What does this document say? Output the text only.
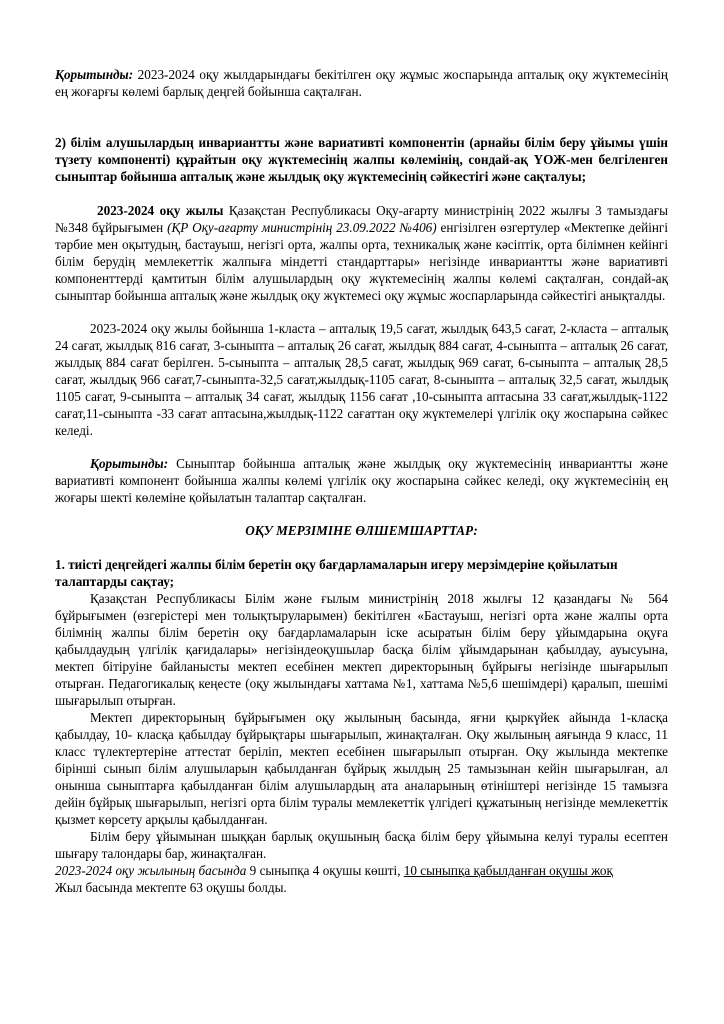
Қорытынды: 2023-2024 оқу жылдарындағы бекітілген оқу жұмыс жоспарында апталық оқу жүктемесінің ең жоғарғы көлемі барлық деңгей бойынша сақталған.

2) білім алушылардың инвариантты және вариативті компонентін (арнайы білім беру ұйымы үшін түзету компоненті) құрайтын оқу жүктемесінің жалпы көлемінің, сондай-ақ ҮОЖ-мен белгіленген сыныптар бойынша апталық және жылдық оқу жүктемесінің сәйкестігі және сақталуы;

2023-2024 оқу жылы Қазақстан Республикасы Оқу-ағарту министрінің 2022 жылғы 3 тамыздағы №348 бұйрығымен (ҚР Оқу-ағарту министрінің 23.09.2022 №406) енгізілген өзгертулер «Мектепке дейінгі тәрбие мен оқытудың, бастауыш, негізгі орта, жалпы орта, техникалық және кәсіптік, орта білімнен кейінгі білім берудің мемлекеттік жалпыға міндетті стандарттары» негізінде инвариантты және вариативті компоненттерді қамтитын білім алушылардың оқу жүктемесінің жалпы көлемі сақталған, сондай-ақ сыныптар бойынша апталық және жылдық оқу жүктемесі оқу жұмыс жоспарларында сәйкестігі анықталды.

2023-2024 оқу жылы бойынша 1-класта – апталық 19,5 сағат, жылдық 643,5 сағат, 2-класта – апталық 24 сағат, жылдық 816 сағат, 3-сыныпта – апталық 26 сағат, жылдық 884 сағат, 4-сыныпта – апталық 26 сағат, жылдық 884 сағат берілген. 5-сыныпта – апталық 28,5 сағат, жылдық 969 сағат, 6-сыныпта – апталық 28,5 сағат, жылдық 966 сағат,7-сыныпта-32,5 сағат,жылдық-1105 сағат, 8-сыныпта – апталық 32,5 сағат, жылдық 1105 сағат, 9-сыныпта – апталық 34 сағат, жылдық 1156 сағат ,10-сыныпта аптасына 33 сағат,жылдық-1122 сағат,11-сыныпта -33 сағат аптасына,жылдық-1122 сағаттан оқу жүктемелері үлгілік оқу жоспарына сәйкес келеді.

Қорытынды: Сыныптар бойынша апталық және жылдық оқу жүктемесінің инвариантты және вариативті компонент бойынша жалпы көлемі үлгілік оқу жоспарына сәйкес келеді, оқу жүктемесінің ең жоғары шекті көлеміне қойылатын талаптар сақталған.

ОҚУ МЕРЗІМІНЕ ӨЛШЕМШАРТТАР:

1. тиісті деңгейдегі жалпы білім беретін оқу бағдарламаларын игеру мерзімдеріне қойылатын талаптарды сақтау;

Қазақстан Республикасы Білім және ғылым министрінің 2018 жылғы 12 қазандағы № 564 бұйрығымен (өзгерістері мен толықтыруларымен) бекітілген «Бастауыш, негізгі орта және жалпы орта білімнің жалпы білім беретін оқу бағдарламаларын іске асыратын білім беру ұйымдарына оқуға қабылдаудың үлгілік қағидалары» негізіндеоқушылар басқа білім ұйымдарынан қабылдау, ауысуына, мектеп бітіруіне байланысты мектеп есебінен мектеп директорының бұйрығы негізінде шығарылып отырған. Педагогикалық кеңесте (оқу жылындағы хаттама №1, хаттама №5,6 шешімдері) қаралып, шешімі шығарылып отырған.

Мектеп директорының бұйрығымен оқу жылының басында, яғни қыркүйек айында 1-класқа қабылдау, 10- класқа қабылдау бұйрықтары шығарылып, жинақталған. Оқу жылының аяғында 9 класс, 11 класс түлектертеріне аттестат беріліп, мектеп есебінен шығарылып отырған. Оқу жылында мектепке бірінші сынып білім алушыларын қабылданған бұйрық жылдың 25 тамызынан кейін шығарылған, ал онынша сыныптарға қабылданған білім алушылардың ата аналарының өтініштері негізінде 15 тамызға дейін бұйрық шығарылып, негізгі орта білім туралы мемлекеттік үлгідегі құжатының негізінде мемлекеттік қызмет көрсету арқылы қабылданған.

Білім беру ұйымынан шыққан барлық оқушының басқа білім беру ұйымына келуі туралы есептен шығару талондары бар, жинақталған.

2023-2024 оқу жылының басында 9 сыныпқа 4 оқушы көшті, 10 сыныпқа қабылданған оқушы жоқ

Жыл басында мектепте 63 оқушы болды.
